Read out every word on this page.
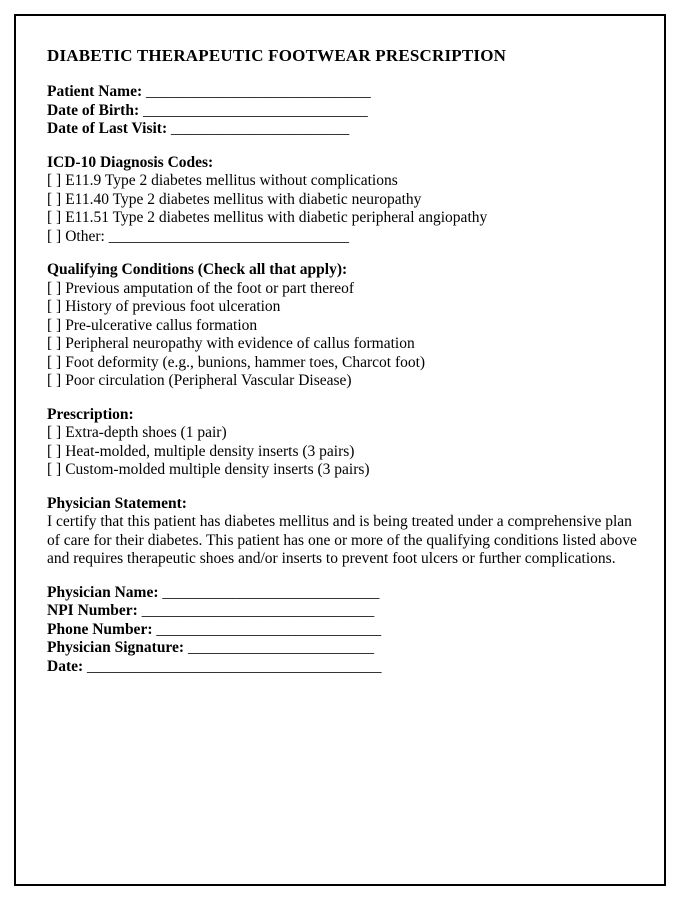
DIABETIC THERAPEUTIC FOOTWEAR PRESCRIPTION
Patient Name: _____________________________
Date of Birth: _____________________________
Date of Last Visit: _______________________
ICD-10 Diagnosis Codes:
[ ] E11.9 Type 2 diabetes mellitus without complications
[ ] E11.40 Type 2 diabetes mellitus with diabetic neuropathy
[ ] E11.51 Type 2 diabetes mellitus with diabetic peripheral angiopathy
[ ] Other: _______________________________
Qualifying Conditions (Check all that apply):
[ ] Previous amputation of the foot or part thereof
[ ] History of previous foot ulceration
[ ] Pre-ulcerative callus formation
[ ] Peripheral neuropathy with evidence of callus formation
[ ] Foot deformity (e.g., bunions, hammer toes, Charcot foot)
[ ] Poor circulation (Peripheral Vascular Disease)
Prescription:
[ ] Extra-depth shoes (1 pair)
[ ] Heat-molded, multiple density inserts (3 pairs)
[ ] Custom-molded multiple density inserts (3 pairs)
Physician Statement:

I certify that this patient has diabetes mellitus and is being treated under a comprehensive plan of care for their diabetes. This patient has one or more of the qualifying conditions listed above and requires therapeutic shoes and/or inserts to prevent foot ulcers or further complications.

Physician Name: ____________________________
NPI Number: ______________________________
Phone Number: _____________________________
Physician Signature: ________________________
Date: ______________________________________
